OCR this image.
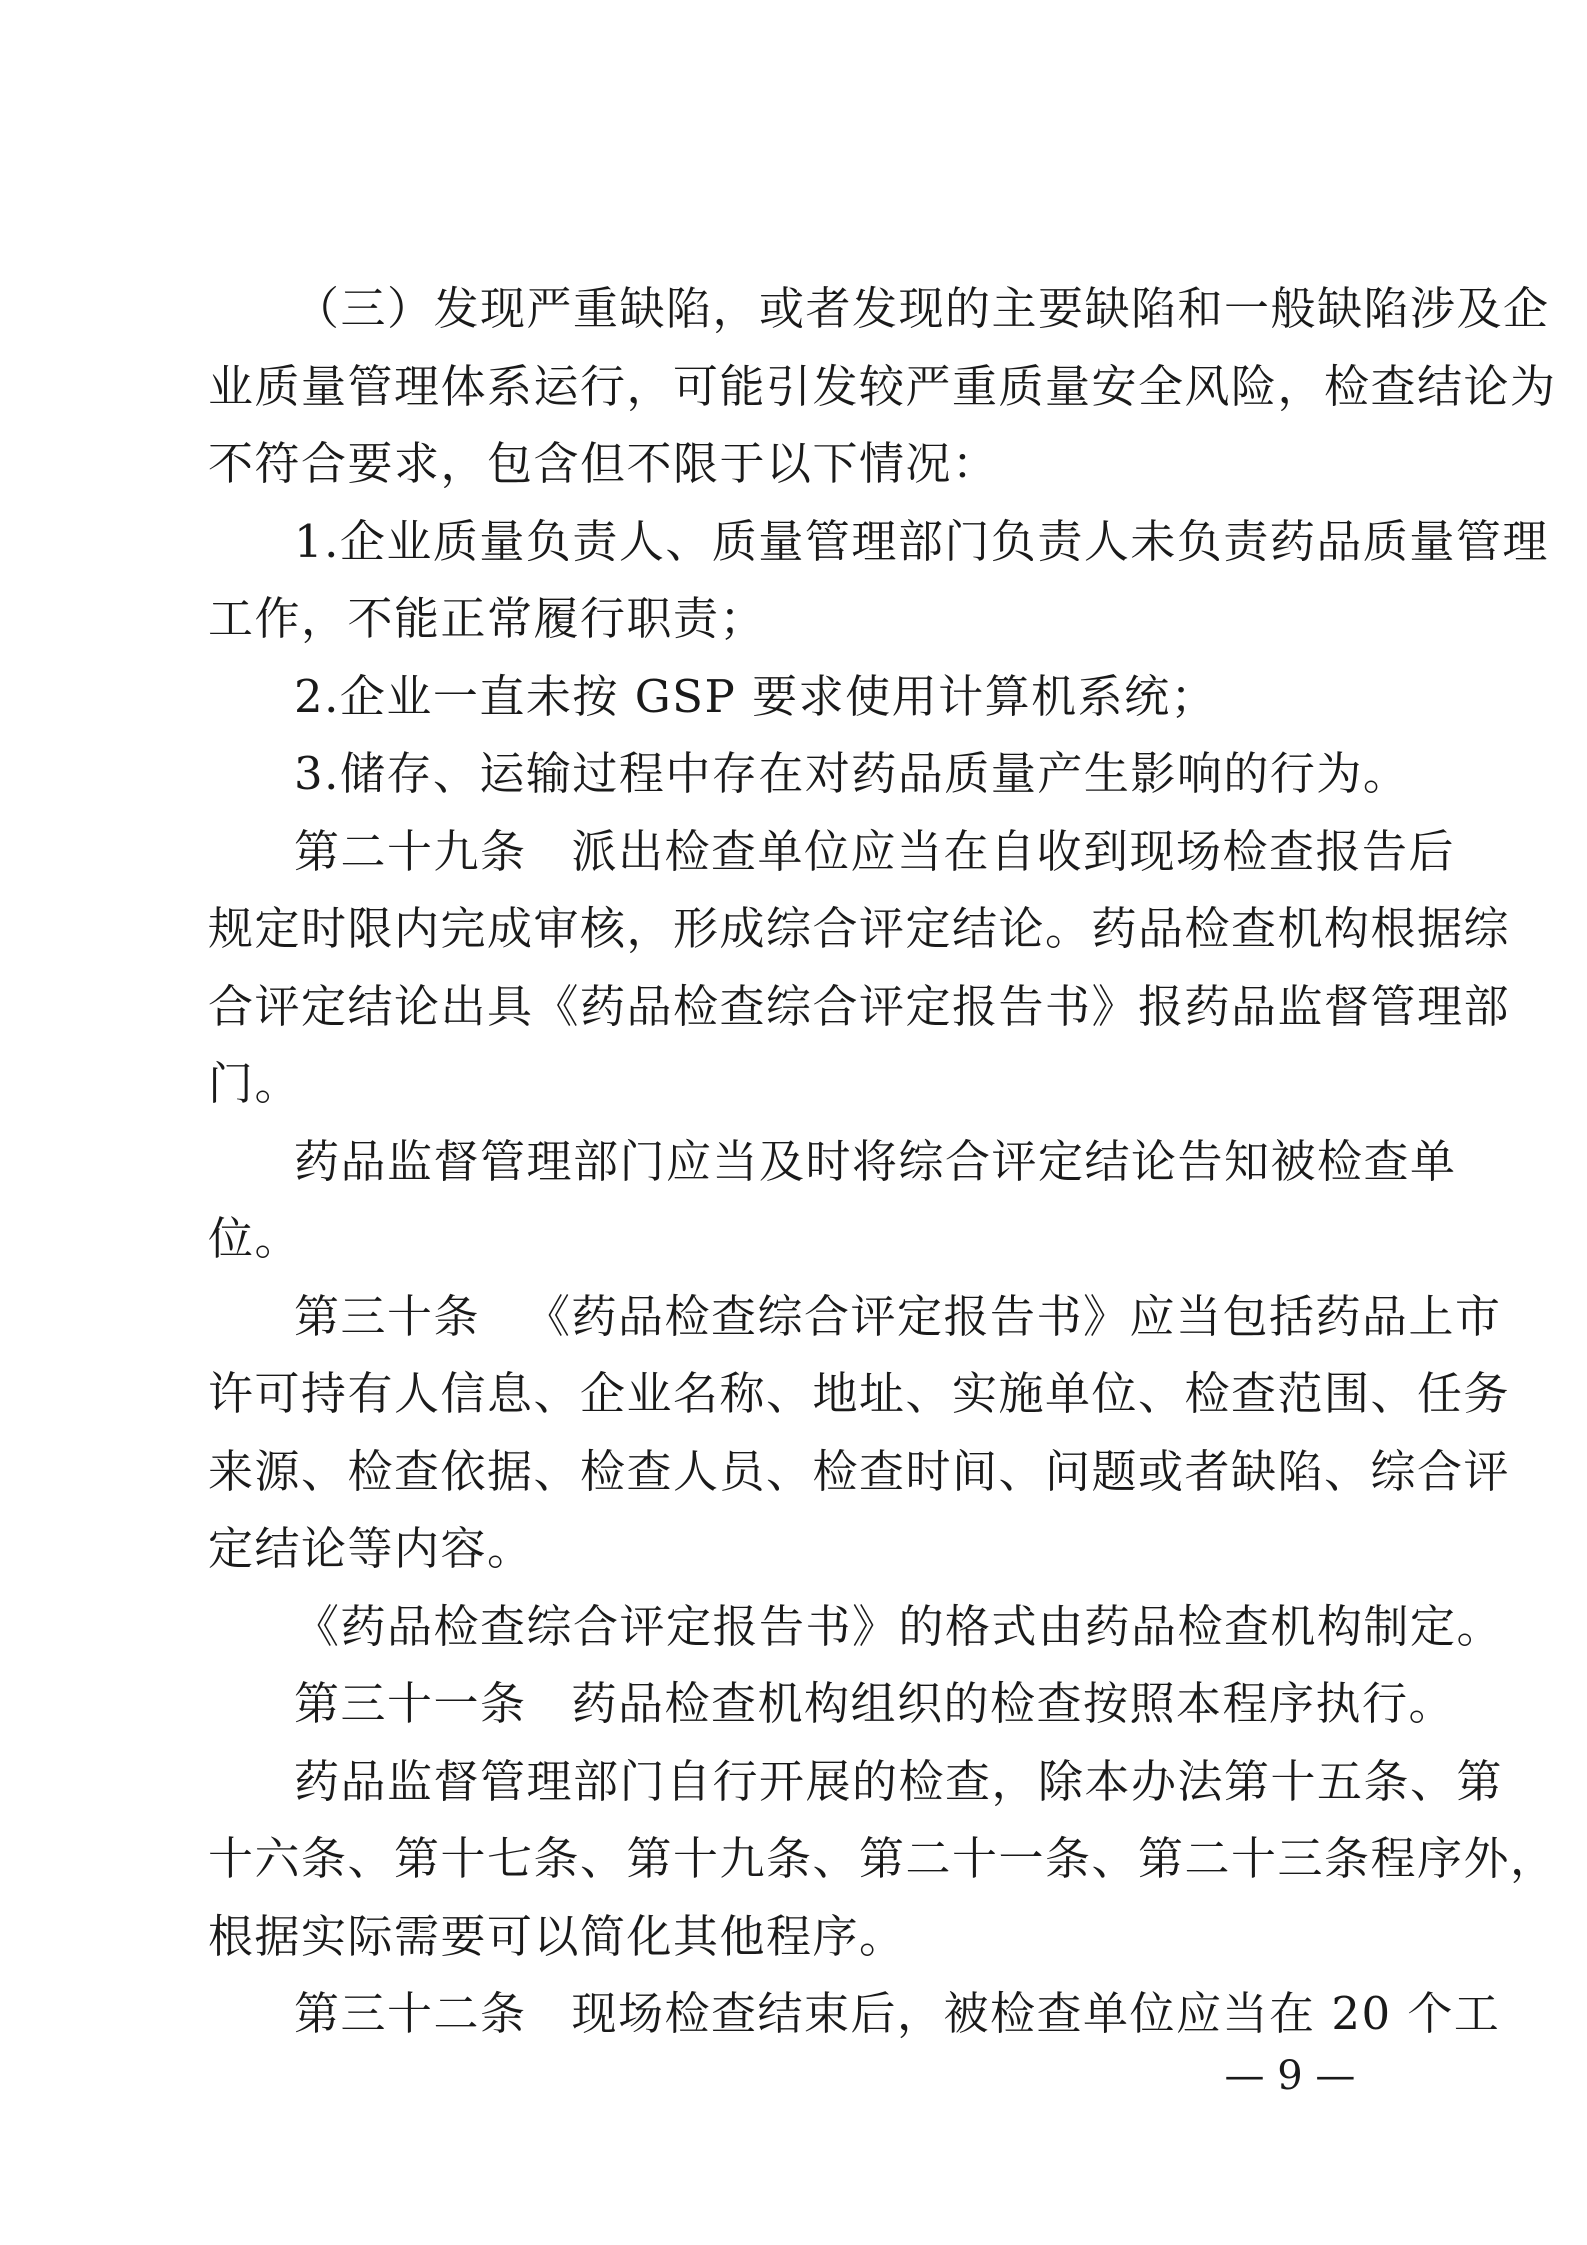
（三）发现严重缺陷，或者发现的主要缺陷和一般缺陷涉及企
业质量管理体系运行，可能引发较严重质量安全风险，检查结论为
不符合要求，包含但不限于以下情况：
1.企业质量负责人、质量管理部门负责人未负责药品质量管理
工作，不能正常履行职责；
2.企业一直未按 GSP 要求使用计算机系统；
3.储存、运输过程中存在对药品质量产生影响的行为。
第二十九条 派出检查单位应当在自收到现场检查报告后
规定时限内完成审核，形成综合评定结论。药品检查机构根据综
合评定结论出具《药品检查综合评定报告书》报药品监督管理部
门。
药品监督管理部门应当及时将综合评定结论告知被检查单
位。
第三十条 《药品检查综合评定报告书》应当包括药品上市
许可持有人信息、企业名称、地址、实施单位、检查范围、任务
来源、检查依据、检查人员、检查时间、问题或者缺陷、综合评
定结论等内容。
《药品检查综合评定报告书》的格式由药品检查机构制定。
第三十一条 药品检查机构组织的检查按照本程序执行。
药品监督管理部门自行开展的检查，除本办法第十五条、第
十六条、第十七条、第十九条、第二十一条、第二十三条程序外，
根据实际需要可以简化其他程序。
第三十二条 现场检查结束后，被检查单位应当在 20 个工
— 9 —
